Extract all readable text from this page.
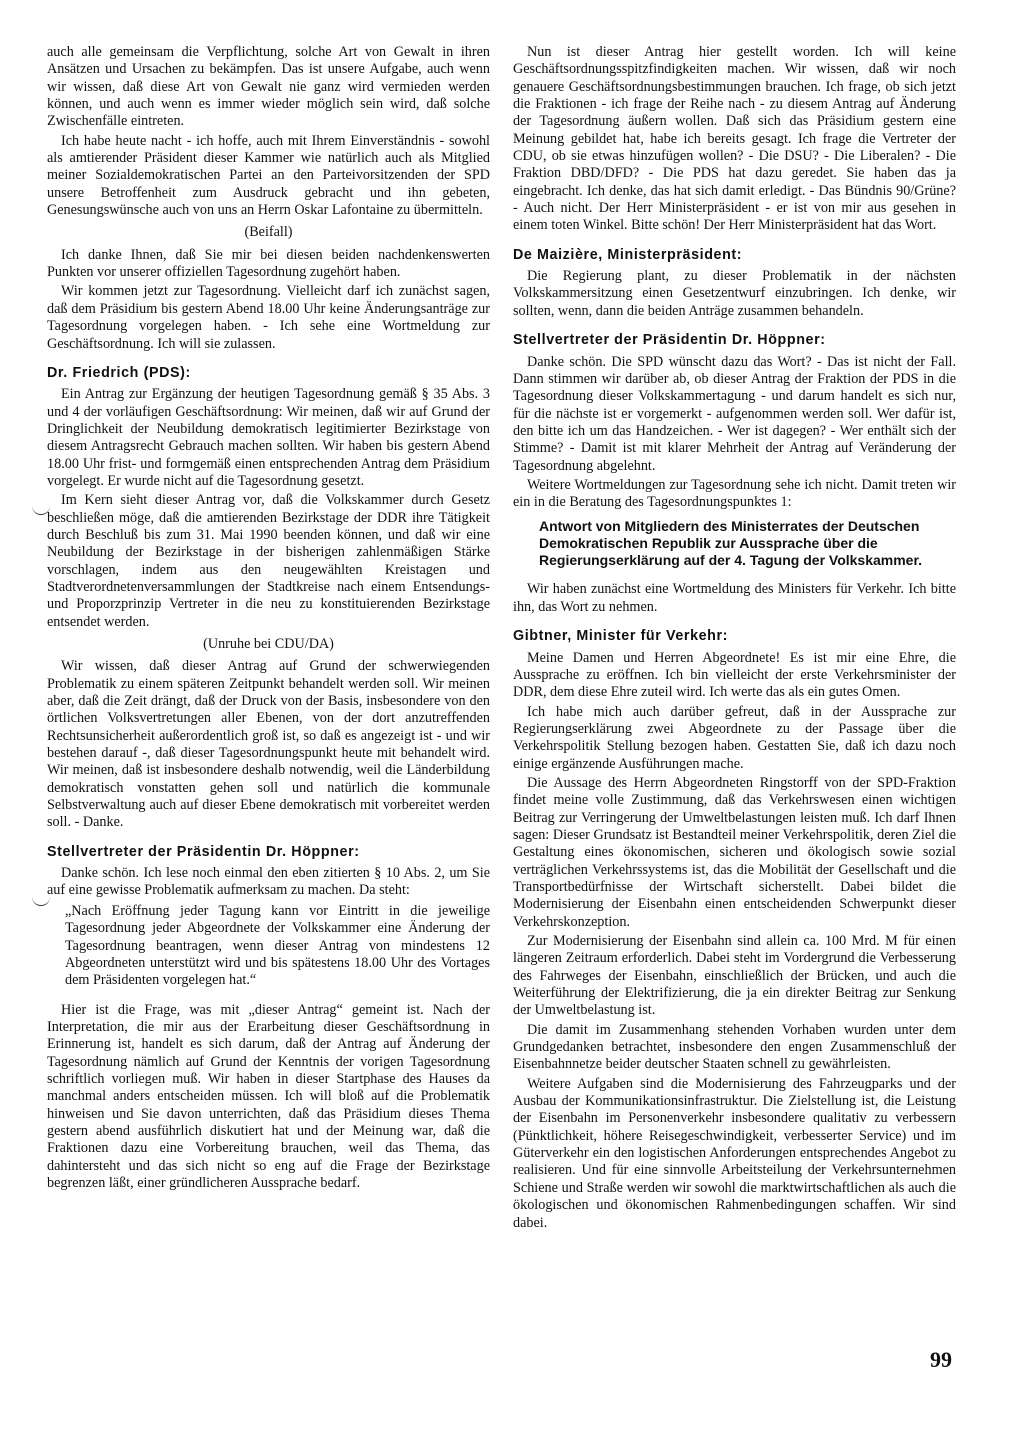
auch alle gemeinsam die Verpflichtung, solche Art von Gewalt in ihren Ansätzen und Ursachen zu bekämpfen. Das ist unsere Aufgabe, auch wenn wir wissen, daß diese Art von Gewalt nie ganz wird vermieden werden können, und auch wenn es immer wieder möglich sein wird, daß solche Zwischenfälle eintreten.

Ich habe heute nacht - ich hoffe, auch mit Ihrem Einverständnis - sowohl als amtierender Präsident dieser Kammer wie natürlich auch als Mitglied meiner Sozialdemokratischen Partei an den Parteivorsitzenden der SPD unsere Betroffenheit zum Ausdruck gebracht und ihn gebeten, Genesungswünsche auch von uns an Herrn Oskar Lafontaine zu übermitteln.

(Beifall)

Ich danke Ihnen, daß Sie mir bei diesen beiden nachdenkenswerten Punkten vor unserer offiziellen Tagesordnung zugehört haben.

Wir kommen jetzt zur Tagesordnung. Vielleicht darf ich zunächst sagen, daß dem Präsidium bis gestern Abend 18.00 Uhr keine Änderungsanträge zur Tagesordnung vorgelegen haben. - Ich sehe eine Wortmeldung zur Geschäftsordnung. Ich will sie zulassen.

Dr. Friedrich (PDS):

Ein Antrag zur Ergänzung der heutigen Tagesordnung gemäß § 35 Abs. 3 und 4 der vorläufigen Geschäftsordnung: Wir meinen, daß wir auf Grund der Dringlichkeit der Neubildung demokratisch legitimierter Bezirkstage von diesem Antragsrecht Gebrauch machen sollten. Wir haben bis gestern Abend 18.00 Uhr frist- und formgemäß einen entsprechenden Antrag dem Präsidium vorgelegt. Er wurde nicht auf die Tagesordnung gesetzt.

Im Kern sieht dieser Antrag vor, daß die Volkskammer durch Gesetz beschließen möge, daß die amtierenden Bezirkstage der DDR ihre Tätigkeit durch Beschluß bis zum 31. Mai 1990 beenden können, und daß wir eine Neubildung der Bezirkstage in der bisherigen zahlenmäßigen Stärke vorschlagen, indem aus den neugewählten Kreistagen und Stadtverordnetenversammlungen der Stadtkreise nach einem Entsendungs- und Proporzprinzip Vertreter in die neu zu konstituierenden Bezirkstage entsendet werden.

(Unruhe bei CDU/DA)

Wir wissen, daß dieser Antrag auf Grund der schwerwiegenden Problematik zu einem späteren Zeitpunkt behandelt werden soll. Wir meinen aber, daß die Zeit drängt, daß der Druck von der Basis, insbesondere von den örtlichen Volksvertretungen aller Ebenen, von der dort anzutreffenden Rechtsunsicherheit außerordentlich groß ist, so daß es angezeigt ist - und wir bestehen darauf -, daß dieser Tagesordnungspunkt heute mit behandelt wird. Wir meinen, daß ist insbesondere deshalb notwendig, weil die Länderbildung demokratisch vonstatten gehen soll und natürlich die kommunale Selbstverwaltung auch auf dieser Ebene demokratisch mit vorbereitet werden soll. - Danke.

Stellvertreter der Präsidentin Dr. Höppner:

Danke schön. Ich lese noch einmal den eben zitierten § 10 Abs. 2, um Sie auf eine gewisse Problematik aufmerksam zu machen. Da steht:

„Nach Eröffnung jeder Tagung kann vor Eintritt in die jeweilige Tagesordnung jeder Abgeordnete der Volkskammer eine Änderung der Tagesordnung beantragen, wenn dieser Antrag von mindestens 12 Abgeordneten unterstützt wird und bis spätestens 18.00 Uhr des Vortages dem Präsidenten vorgelegen hat.“

Hier ist die Frage, was mit „dieser Antrag“ gemeint ist. Nach der Interpretation, die mir aus der Erarbeitung dieser Geschäftsordnung in Erinnerung ist, handelt es sich darum, daß der Antrag auf Änderung der Tagesordnung nämlich auf Grund der Kenntnis der vorigen Tagesordnung schriftlich vorliegen muß. Wir haben in dieser Startphase des Hauses da manchmal anders entscheiden müssen. Ich will bloß auf die Problematik hinweisen und Sie davon unterrichten, daß das Präsidium dieses Thema gestern abend ausführlich diskutiert hat und der Meinung war, daß die Fraktionen dazu eine Vorbereitung brauchen, weil das Thema, das dahintersteht und das sich nicht so eng auf die Frage der Bezirkstage begrenzen läßt, einer gründlicheren Aussprache bedarf.

Nun ist dieser Antrag hier gestellt worden. Ich will keine Geschäftsordnungsspitzfindigkeiten machen. Wir wissen, daß wir noch genauere Geschäftsordnungsbestimmungen brauchen. Ich frage, ob sich jetzt die Fraktionen - ich frage der Reihe nach - zu diesem Antrag auf Änderung der Tagesordnung äußern wollen. Daß sich das Präsidium gestern eine Meinung gebildet hat, habe ich bereits gesagt. Ich frage die Vertreter der CDU, ob sie etwas hinzufügen wollen? - Die DSU? - Die Liberalen? - Die Fraktion DBD/DFD? - Die PDS hat dazu geredet. Sie haben das ja eingebracht. Ich denke, das hat sich damit erledigt. - Das Bündnis 90/Grüne? - Auch nicht. Der Herr Ministerpräsident - er ist von mir aus gesehen in einem toten Winkel. Bitte schön! Der Herr Ministerpräsident hat das Wort.

De Maizière, Ministerpräsident:

Die Regierung plant, zu dieser Problematik in der nächsten Volkskammersitzung einen Gesetzentwurf einzubringen. Ich denke, wir sollten, wenn, dann die beiden Anträge zusammen behandeln.

Stellvertreter der Präsidentin Dr. Höppner:

Danke schön. Die SPD wünscht dazu das Wort? - Das ist nicht der Fall. Dann stimmen wir darüber ab, ob dieser Antrag der Fraktion der PDS in die Tagesordnung dieser Volkskammertagung - und darum handelt es sich nur, für die nächste ist er vorgemerkt - aufgenommen werden soll. Wer dafür ist, den bitte ich um das Handzeichen. - Wer ist dagegen? - Wer enthält sich der Stimme? - Damit ist mit klarer Mehrheit der Antrag auf Veränderung der Tagesordnung abgelehnt.

Weitere Wortmeldungen zur Tagesordnung sehe ich nicht. Damit treten wir ein in die Beratung des Tagesordnungspunktes 1:

Antwort von Mitgliedern des Ministerrates der Deutschen Demokratischen Republik zur Aussprache über die Regierungserklärung auf der 4. Tagung der Volkskammer.

Wir haben zunächst eine Wortmeldung des Ministers für Verkehr. Ich bitte ihn, das Wort zu nehmen.

Gibtner, Minister für Verkehr:

Meine Damen und Herren Abgeordnete! Es ist mir eine Ehre, die Aussprache zu eröffnen. Ich bin vielleicht der erste Verkehrsminister der DDR, dem diese Ehre zuteil wird. Ich werte das als ein gutes Omen.

Ich habe mich auch darüber gefreut, daß in der Aussprache zur Regierungserklärung zwei Abgeordnete zu der Passage über die Verkehrspolitik Stellung bezogen haben. Gestatten Sie, daß ich dazu noch einige ergänzende Ausführungen mache.

Die Aussage des Herrn Abgeordneten Ringstorff von der SPD-Fraktion findet meine volle Zustimmung, daß das Verkehrswesen einen wichtigen Beitrag zur Verringerung der Umweltbelastungen leisten muß. Ich darf Ihnen sagen: Dieser Grundsatz ist Bestandteil meiner Verkehrspolitik, deren Ziel die Gestaltung eines ökonomischen, sicheren und ökologisch sowie sozial verträglichen Verkehrssystems ist, das die Mobilität der Gesellschaft und die Transportbedürfnisse der Wirtschaft sicherstellt. Dabei bildet die Modernisierung der Eisenbahn einen entscheidenden Schwerpunkt dieser Verkehrskonzeption.

Zur Modernisierung der Eisenbahn sind allein ca. 100 Mrd. M für einen längeren Zeitraum erforderlich. Dabei steht im Vordergrund die Verbesserung des Fahrweges der Eisenbahn, einschließlich der Brücken, und auch die Weiterführung der Elektrifizierung, die ja ein direkter Beitrag zur Senkung der Umweltbelastung ist.

Die damit im Zusammenhang stehenden Vorhaben wurden unter dem Grundgedanken betrachtet, insbesondere den engen Zusammenschluß der Eisenbahnnetze beider deutscher Staaten schnell zu gewährleisten.

Weitere Aufgaben sind die Modernisierung des Fahrzeugparks und der Ausbau der Kommunikationsinfrastruktur. Die Zielstellung ist, die Leistung der Eisenbahn im Personenverkehr insbesondere qualitativ zu verbessern (Pünktlichkeit, höhere Reisegeschwindigkeit, verbesserter Service) und im Güterverkehr ein den logistischen Anforderungen entsprechendes Angebot zu realisieren. Und für eine sinnvolle Arbeitsteilung der Verkehrsunternehmen Schiene und Straße werden wir sowohl die marktwirtschaftlichen als auch die ökologischen und ökonomischen Rahmenbedingungen schaffen. Wir sind dabei.

99
